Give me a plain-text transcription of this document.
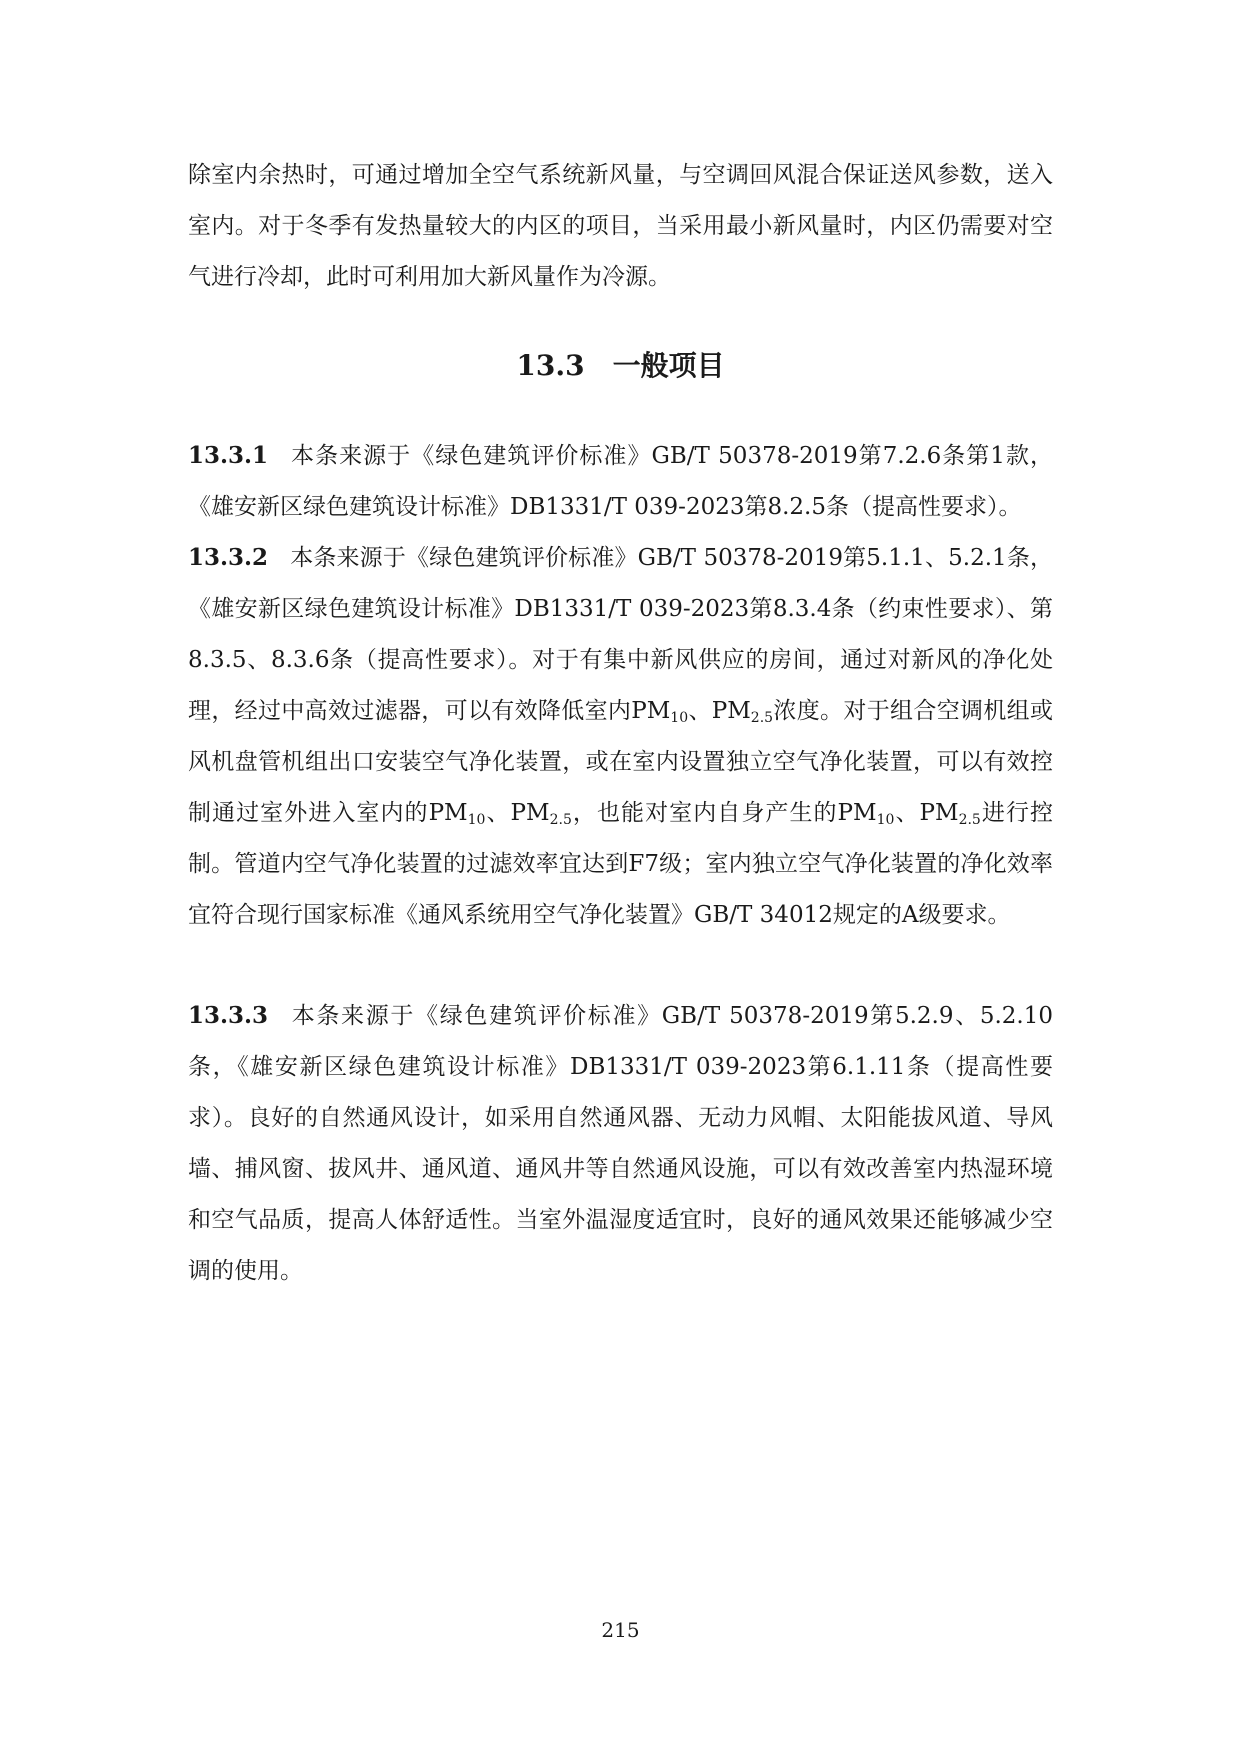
除室内余热时，可通过增加全空气系统新风量，与空调回风混合保证送风参数，送入室内。对于冬季有发热量较大的内区的项目，当采用最小新风量时，内区仍需要对空气进行冷却，此时可利用加大新风量作为冷源。
13.3 一般项目
13.3.1 本条来源于《绿色建筑评价标准》GB/T 50378-2019第7.2.6条第1款，《雄安新区绿色建筑设计标准》DB1331/T 039-2023第8.2.5条（提高性要求）。
13.3.2 本条来源于《绿色建筑评价标准》GB/T 50378-2019第5.1.1、5.2.1条，《雄安新区绿色建筑设计标准》DB1331/T 039-2023第8.3.4条（约束性要求）、第8.3.5、8.3.6条（提高性要求）。对于有集中新风供应的房间，通过对新风的净化处理，经过中高效过滤器，可以有效降低室内$PM_{10}$、$PM_{2.5}$浓度。对于组合空调机组或风机盘管机组出口安装空气净化装置，或在室内设置独立空气净化装置，可以有效控制通过室外进入室内的$PM_{10}$、$PM_{2.5}$，也能对室内自身产生的$PM_{10}$、$PM_{2.5}$进行控制。管道内空气净化装置的过滤效率宜达到F7级；室内独立空气净化装置的净化效率宜符合现行国家标准《通风系统用空气净化装置》GB/T 34012规定的A级要求。
13.3.3 本条来源于《绿色建筑评价标准》GB/T 50378-2019第5.2.9、5.2.10条，《雄安新区绿色建筑设计标准》DB1331/T 039-2023第6.1.11条（提高性要求）。良好的自然通风设计，如采用自然通风器、无动力风帽、太阳能拔风道、导风墙、捕风窗、拔风井、通风道、通风井等自然通风设施，可以有效改善室内热湿环境和空气品质，提高人体舒适性。当室外温湿度适宜时，良好的通风效果还能够减少空调的使用。
215
